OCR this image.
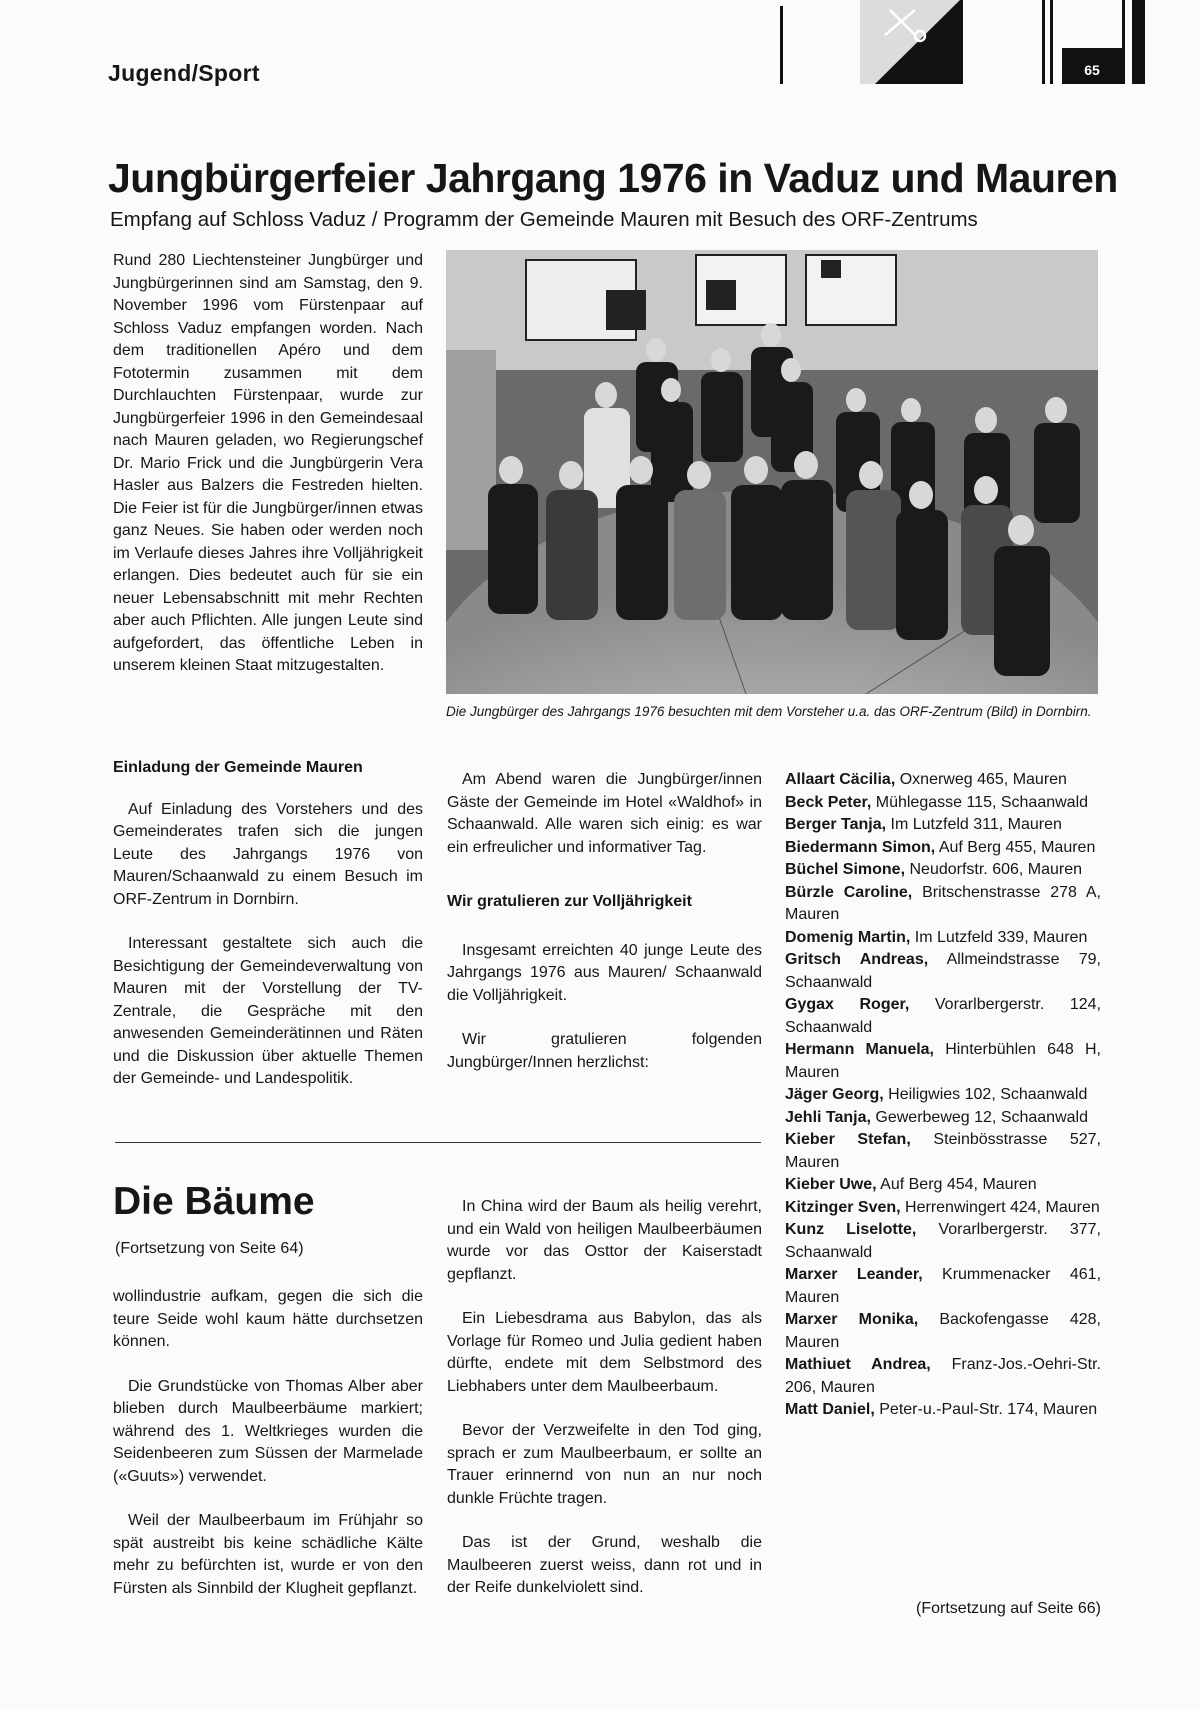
Jugend/Sport	65
Jungbürgerfeier Jahrgang 1976 in Vaduz und Mauren
Empfang auf Schloss Vaduz / Programm der Gemeinde Mauren mit Besuch des ORF-Zentrums

Rund 280 Liechtensteiner Jungbürger und Jungbürgerinnen sind am Samstag, den 9. November 1996 vom Fürstenpaar auf Schloss Vaduz empfangen worden. Nach dem traditionellen Apéro und dem Fototermin zusammen mit dem Durchlauchten Fürstenpaar, wurde zur Jungbürgerfeier 1996 in den Gemeindesaal nach Mauren geladen, wo Regierungschef Dr. Mario Frick und die Jungbürgerin Vera Hasler aus Balzers die Festreden hielten. Die Feier ist für die Jungbürger/innen etwas ganz Neues. Sie haben oder werden noch im Verlaufe dieses Jahres ihre Volljährigkeit erlangen. Dies bedeutet auch für sie ein neuer Lebensabschnitt mit mehr Rechten aber auch Pflichten. Alle jungen Leute sind aufgefordert, das öffentliche Leben in unserem kleinen Staat mitzugestalten.

Die Jungbürger des Jahrgangs 1976 besuchten mit dem Vorsteher u.a. das ORF-Zentrum (Bild) in Dornbirn.
Einladung der Gemeinde Mauren

Auf Einladung des Vorstehers und des Gemeinderates trafen sich die jungen Leute des Jahrgangs 1976 von Mauren/Schaanwald zu einem Besuch im ORF-Zentrum in Dornbirn.

Interessant gestaltete sich auch die Besichtigung der Gemeindeverwaltung von Mauren mit der Vorstellung der TV-Zentrale, die Gespräche mit den anwesenden Gemeinderätinnen und Räten und die Diskussion über aktuelle Themen der Gemeinde- und Landespolitik.

Am Abend waren die Jungbürger/innen Gäste der Gemeinde im Hotel «Waldhof» in Schaanwald. Alle waren sich einig: es war ein erfreulicher und informativer Tag.

Wir gratulieren zur Volljährigkeit

Insgesamt erreichten 40 junge Leute des Jahrgangs 1976 aus Mauren/ Schaanwald die Volljährigkeit.

Wir gratulieren folgenden Jungbürger/Innen herzlichst:

Allaart Cäcilia, Oxnerweg 465, Mauren

Beck Peter, Mühlegasse 115, Schaanwald

Berger Tanja, Im Lutzfeld 311, Mauren

Biedermann Simon, Auf Berg 455, Mauren

Büchel Simone, Neudorfstr. 606, Mauren

Bürzle Caroline, Britschenstrasse 278 A, Mauren

Domenig Martin, Im Lutzfeld 339, Mauren

Gritsch Andreas, Allmeindstrasse 79, Schaanwald

Gygax Roger, Vorarlbergerstr. 124, Schaanwald

Hermann Manuela, Hinterbühlen 648 H, Mauren

Jäger Georg, Heiligwies 102, Schaanwald

Jehli Tanja, Gewerbeweg 12, Schaanwald

Kieber Stefan, Steinbösstrasse 527, Mauren

Kieber Uwe, Auf Berg 454, Mauren

Kitzinger Sven, Herrenwingert 424, Mauren

Kunz Liselotte, Vorarlbergerstr. 377, Schaanwald

Marxer Leander, Krummenacker 461, Mauren

Marxer Monika, Backofengasse 428, Mauren

Mathiuet Andrea, Franz-Jos.-Oehri-Str. 206, Mauren

Matt Daniel, Peter-u.-Paul-Str. 174, Mauren

(Fortsetzung auf Seite 66)
Die Bäume
(Fortsetzung von Seite 64)

wollindustrie aufkam, gegen die sich die teure Seide wohl kaum hätte durchsetzen können.

Die Grundstücke von Thomas Alber aber blieben durch Maulbeerbäume markiert; während des 1. Weltkrieges wurden die Seidenbeeren zum Süssen der Marmelade («Guuts») verwendet.

Weil der Maulbeerbaum im Frühjahr so spät austreibt bis keine schädliche Kälte mehr zu befürchten ist, wurde er von den Fürsten als Sinnbild der Klugheit gepflanzt.

In China wird der Baum als heilig verehrt, und ein Wald von heiligen Maulbeerbäumen wurde vor das Osttor der Kaiserstadt gepflanzt.

Ein Liebesdrama aus Babylon, das als Vorlage für Romeo und Julia gedient haben dürfte, endete mit dem Selbstmord des Liebhabers unter dem Maulbeerbaum.

Bevor der Verzweifelte in den Tod ging, sprach er zum Maulbeerbaum, er sollte an Trauer erinnernd von nun an nur noch dunkle Früchte tragen.

Das ist der Grund, weshalb die Maulbeeren zuerst weiss, dann rot und in der Reife dunkelviolett sind.
